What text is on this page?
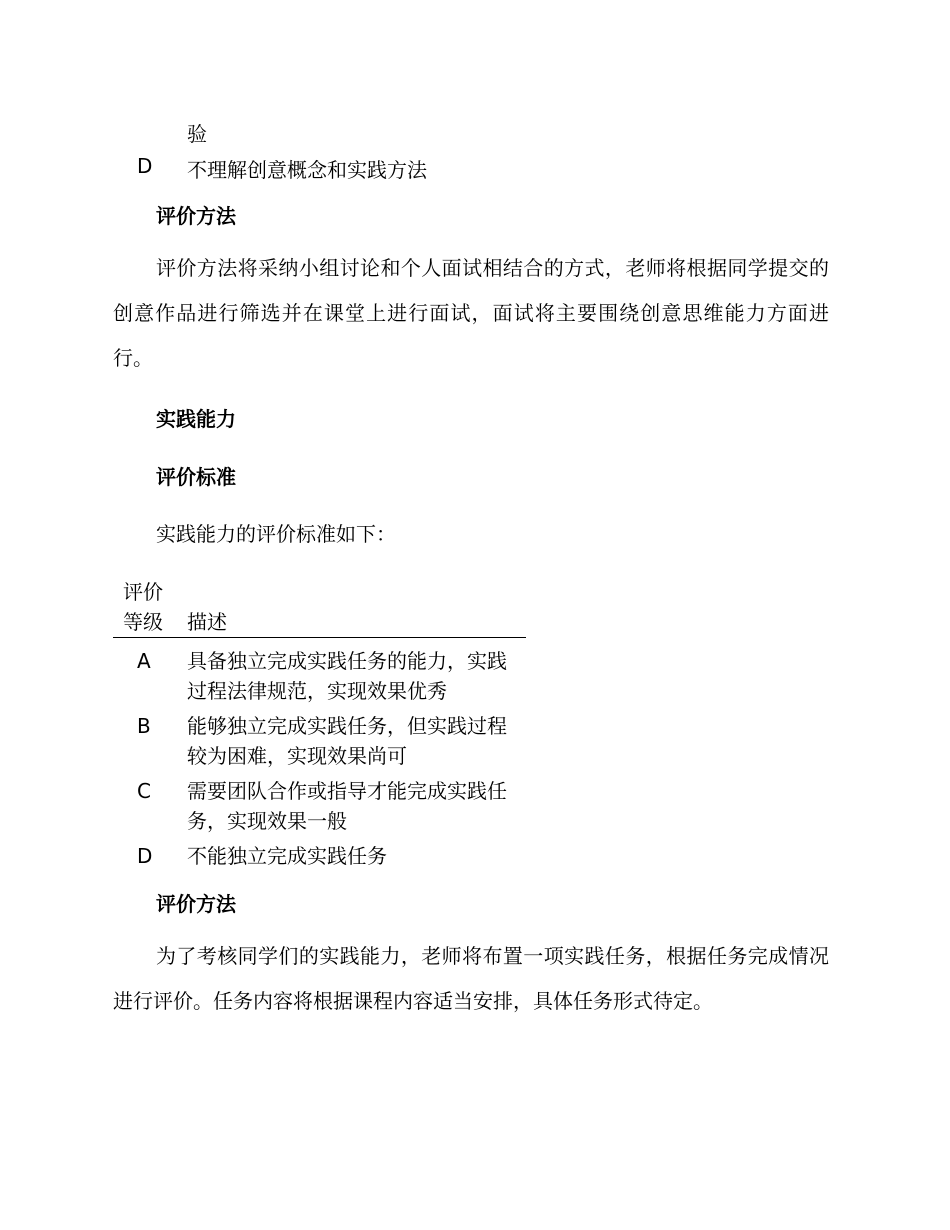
验
D 不理解创意概念和实践方法
评价方法

评价方法将采纳小组讨论和个人面试相结合的方式，老师将根据同学提交的创意作品进行筛选并在课堂上进行面试，面试将主要围绕创意思维能力方面进行。

实践能力
评价标准
实践能力的评价标准如下：
评价等级	描述
A 具备独立完成实践任务的能力，实践过程法律规范，实现效果优秀
B 能够独立完成实践任务，但实践过程较为困难，实现效果尚可
C 需要团队合作或指导才能完成实践任务，实现效果一般
D 不能独立完成实践任务
评价方法

为了考核同学们的实践能力，老师将布置一项实践任务，根据任务完成情况进行评价。任务内容将根据课程内容适当安排，具体任务形式待定。
